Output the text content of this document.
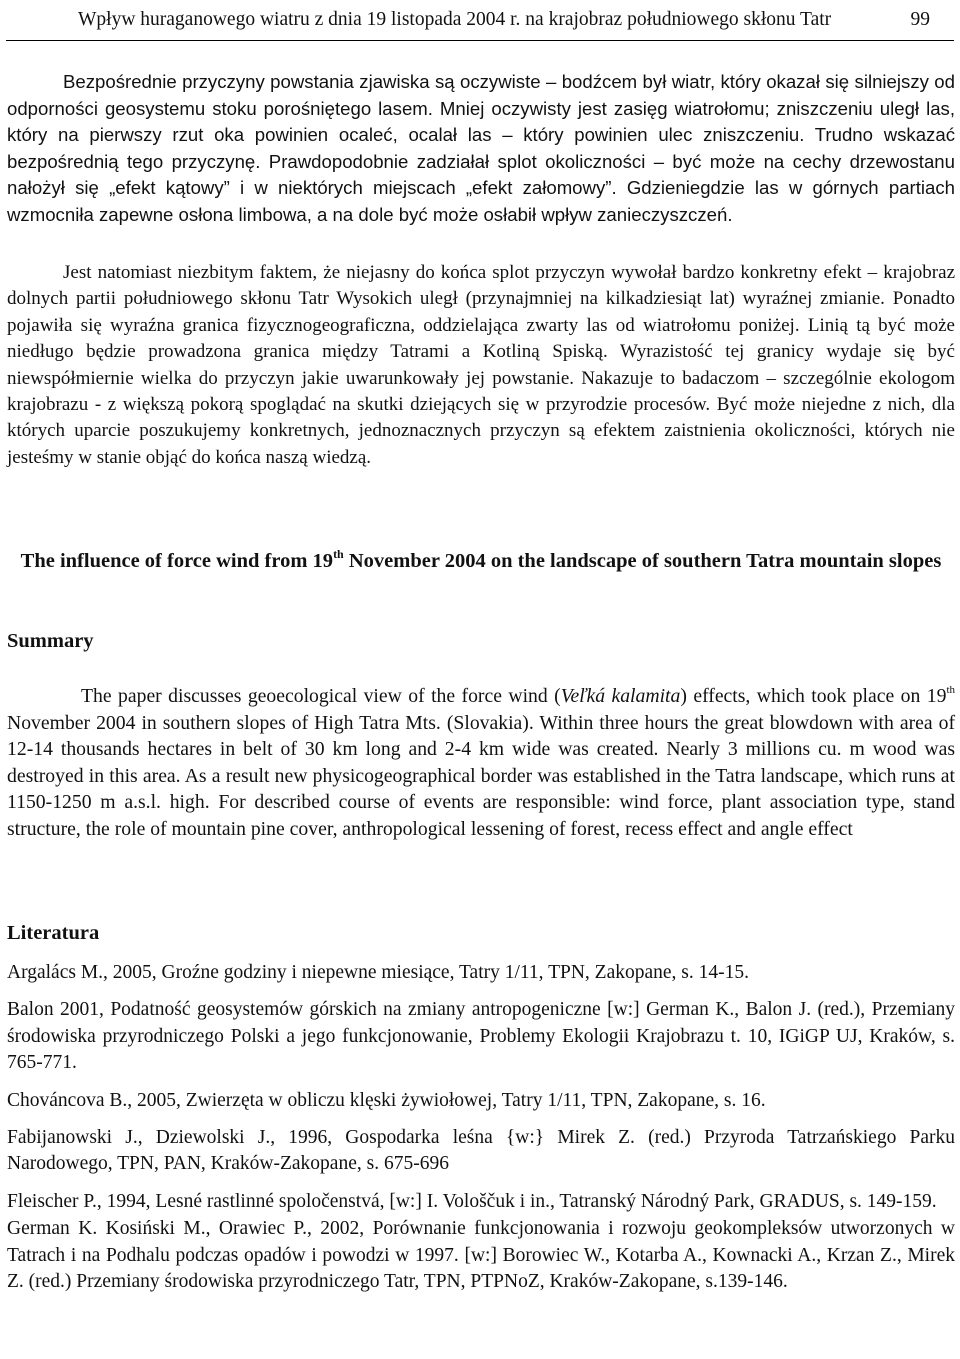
Wpływ huraganowego wiatru z dnia 19 listopada 2004 r. na krajobraz południowego skłonu Tatr	99

Bezpośrednie przyczyny powstania zjawiska są oczywiste – bodźcem był wiatr, który okazał się silniejszy od odporności geosystemu stoku porośniętego lasem. Mniej oczywisty jest zasięg wiatrołomu; zniszczeniu uległ las, który na pierwszy rzut oka powinien ocaleć, ocalał las – który powinien ulec zniszczeniu. Trudno wskazać bezpośrednią tego przyczynę. Prawdopodobnie zadziałał splot okoliczności – być może na cechy drzewostanu nałożył się „efekt kątowy” i w niektórych miejscach „efekt załomowy”. Gdzieniegdzie las w górnych partiach wzmocniła zapewne osłona limbowa, a na dole być może osłabił wpływ zanieczyszczeń.

Jest natomiast niezbitym faktem, że niejasny do końca splot przyczyn wywołał bardzo konkretny efekt – krajobraz dolnych partii południowego skłonu Tatr Wysokich uległ (przynajmniej na kilkadziesiąt lat) wyraźnej zmianie. Ponadto pojawiła się wyraźna granica fizycznogeograficzna, oddzielająca zwarty las od wiatrołomu poniżej. Linią tą być może niedługo będzie prowadzona granica między Tatrami a Kotliną Spiską. Wyrazistość tej granicy wydaje się być niewspółmiernie wielka do przyczyn jakie uwarunkowały jej powstanie. Nakazuje to badaczom – szczególnie ekologom krajobrazu - z większą pokorą spoglądać na skutki dziejących się w przyrodzie procesów. Być może niejedne z nich, dla których uparcie poszukujemy konkretnych, jednoznacznych przyczyn są efektem zaistnienia okoliczności, których nie jesteśmy w stanie objąć do końca naszą wiedzą.

The influence of force wind from 19th November 2004 on the landscape of southern Tatra mountain slopes
Summary

The paper discusses geoecological view of the force wind (Veľká kalamita) effects, which took place on 19th November 2004 in southern slopes of High Tatra Mts. (Slovakia). Within three hours the great blowdown with area of 12-14 thousands hectares in belt of 30 km long and 2-4 km wide was created. Nearly 3 millions cu. m wood was destroyed in this area. As a result new physicogeographical border was established in the Tatra landscape, which runs at 1150-1250 m a.s.l. high. For described course of events are responsible: wind force, plant association type, stand structure, the role of mountain pine cover, anthropological lessening of forest, recess effect and angle effect

Literatura

Argalács M., 2005, Groźne godziny i niepewne miesiące, Tatry 1/11, TPN, Zakopane, s. 14-15.

Balon 2001, Podatność geosystemów górskich na zmiany antropogeniczne [w:] German K., Balon J. (red.), Przemiany środowiska przyrodniczego Polski a jego funkcjonowanie, Problemy Ekologii Krajobrazu t. 10, IGiGP UJ, Kraków, s. 765-771.

Chováncova B., 2005, Zwierzęta w obliczu klęski żywiołowej, Tatry 1/11, TPN, Zakopane, s. 16.

Fabijanowski J., Dziewolski J., 1996, Gospodarka leśna {w:} Mirek Z. (red.) Przyroda Tatrzańskiego Parku Narodowego, TPN, PAN, Kraków-Zakopane, s. 675-696

Fleischer P., 1994, Lesné rastlinné spoločenstvá, [w:] I. Vološčuk i in., Tatranský Národný Park, GRADUS, s. 149-159.

German K. Kosiński M., Orawiec P., 2002, Porównanie funkcjonowania i rozwoju geokompleksów utworzonych w Tatrach i na Podhalu podczas opadów i powodzi w 1997. [w:] Borowiec W., Kotarba A., Kownacki A., Krzan Z., Mirek Z. (red.) Przemiany środowiska przyrodniczego Tatr, TPN, PTPNoZ, Kraków-Zakopane, s.139-146.
